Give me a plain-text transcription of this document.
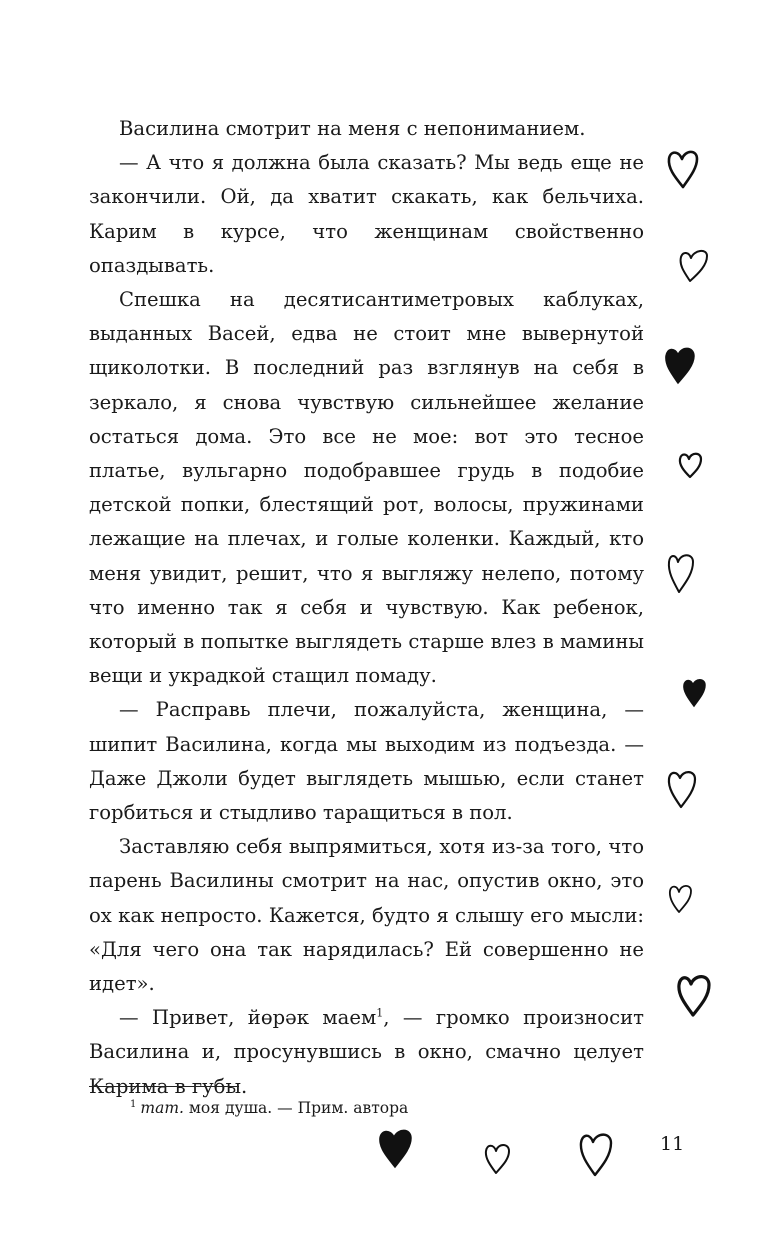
Василина смотрит на меня с непониманием.

— А что я должна была сказать? Мы ведь еще не закончили. Ой, да хватит скакать, как бельчиха. Карим в курсе, что женщинам свойственно опаздывать.

Спешка на десятисантиметровых каблуках, выданных Васей, едва не стоит мне вывернутой щиколотки. В последний раз взглянув на себя в зеркало, я снова чувствую сильнейшее желание остаться дома. Это все не мое: вот это тесное платье, вульгарно подобравшее грудь в подобие детской попки, блестящий рот, волосы, пружинами лежащие на плечах, и голые коленки. Каждый, кто меня увидит, решит, что я выгляжу нелепо, потому что именно так я себя и чувствую. Как ребенок, который в попытке выглядеть старше влез в мамины вещи и украдкой стащил помаду.

— Расправь плечи, пожалуйста, женщина, — шипит Василина, когда мы выходим из подъезда. — Даже Джоли будет выглядеть мышью, если станет горбиться и стыдливо таращиться в пол.

Заставляю себя выпрямиться, хотя из-за того, что парень Василины смотрит на нас, опустив окно, это ох как непросто. Кажется, будто я слышу его мысли: «Для чего она так нарядилась? Ей совершенно не идет».

— Привет, йөрәк маем$^1$, — громко произносит Василина и, просунувшись в окно, смачно целует Карима в губы.

$^1$ тат. моя душа. — Прим. автора
11
